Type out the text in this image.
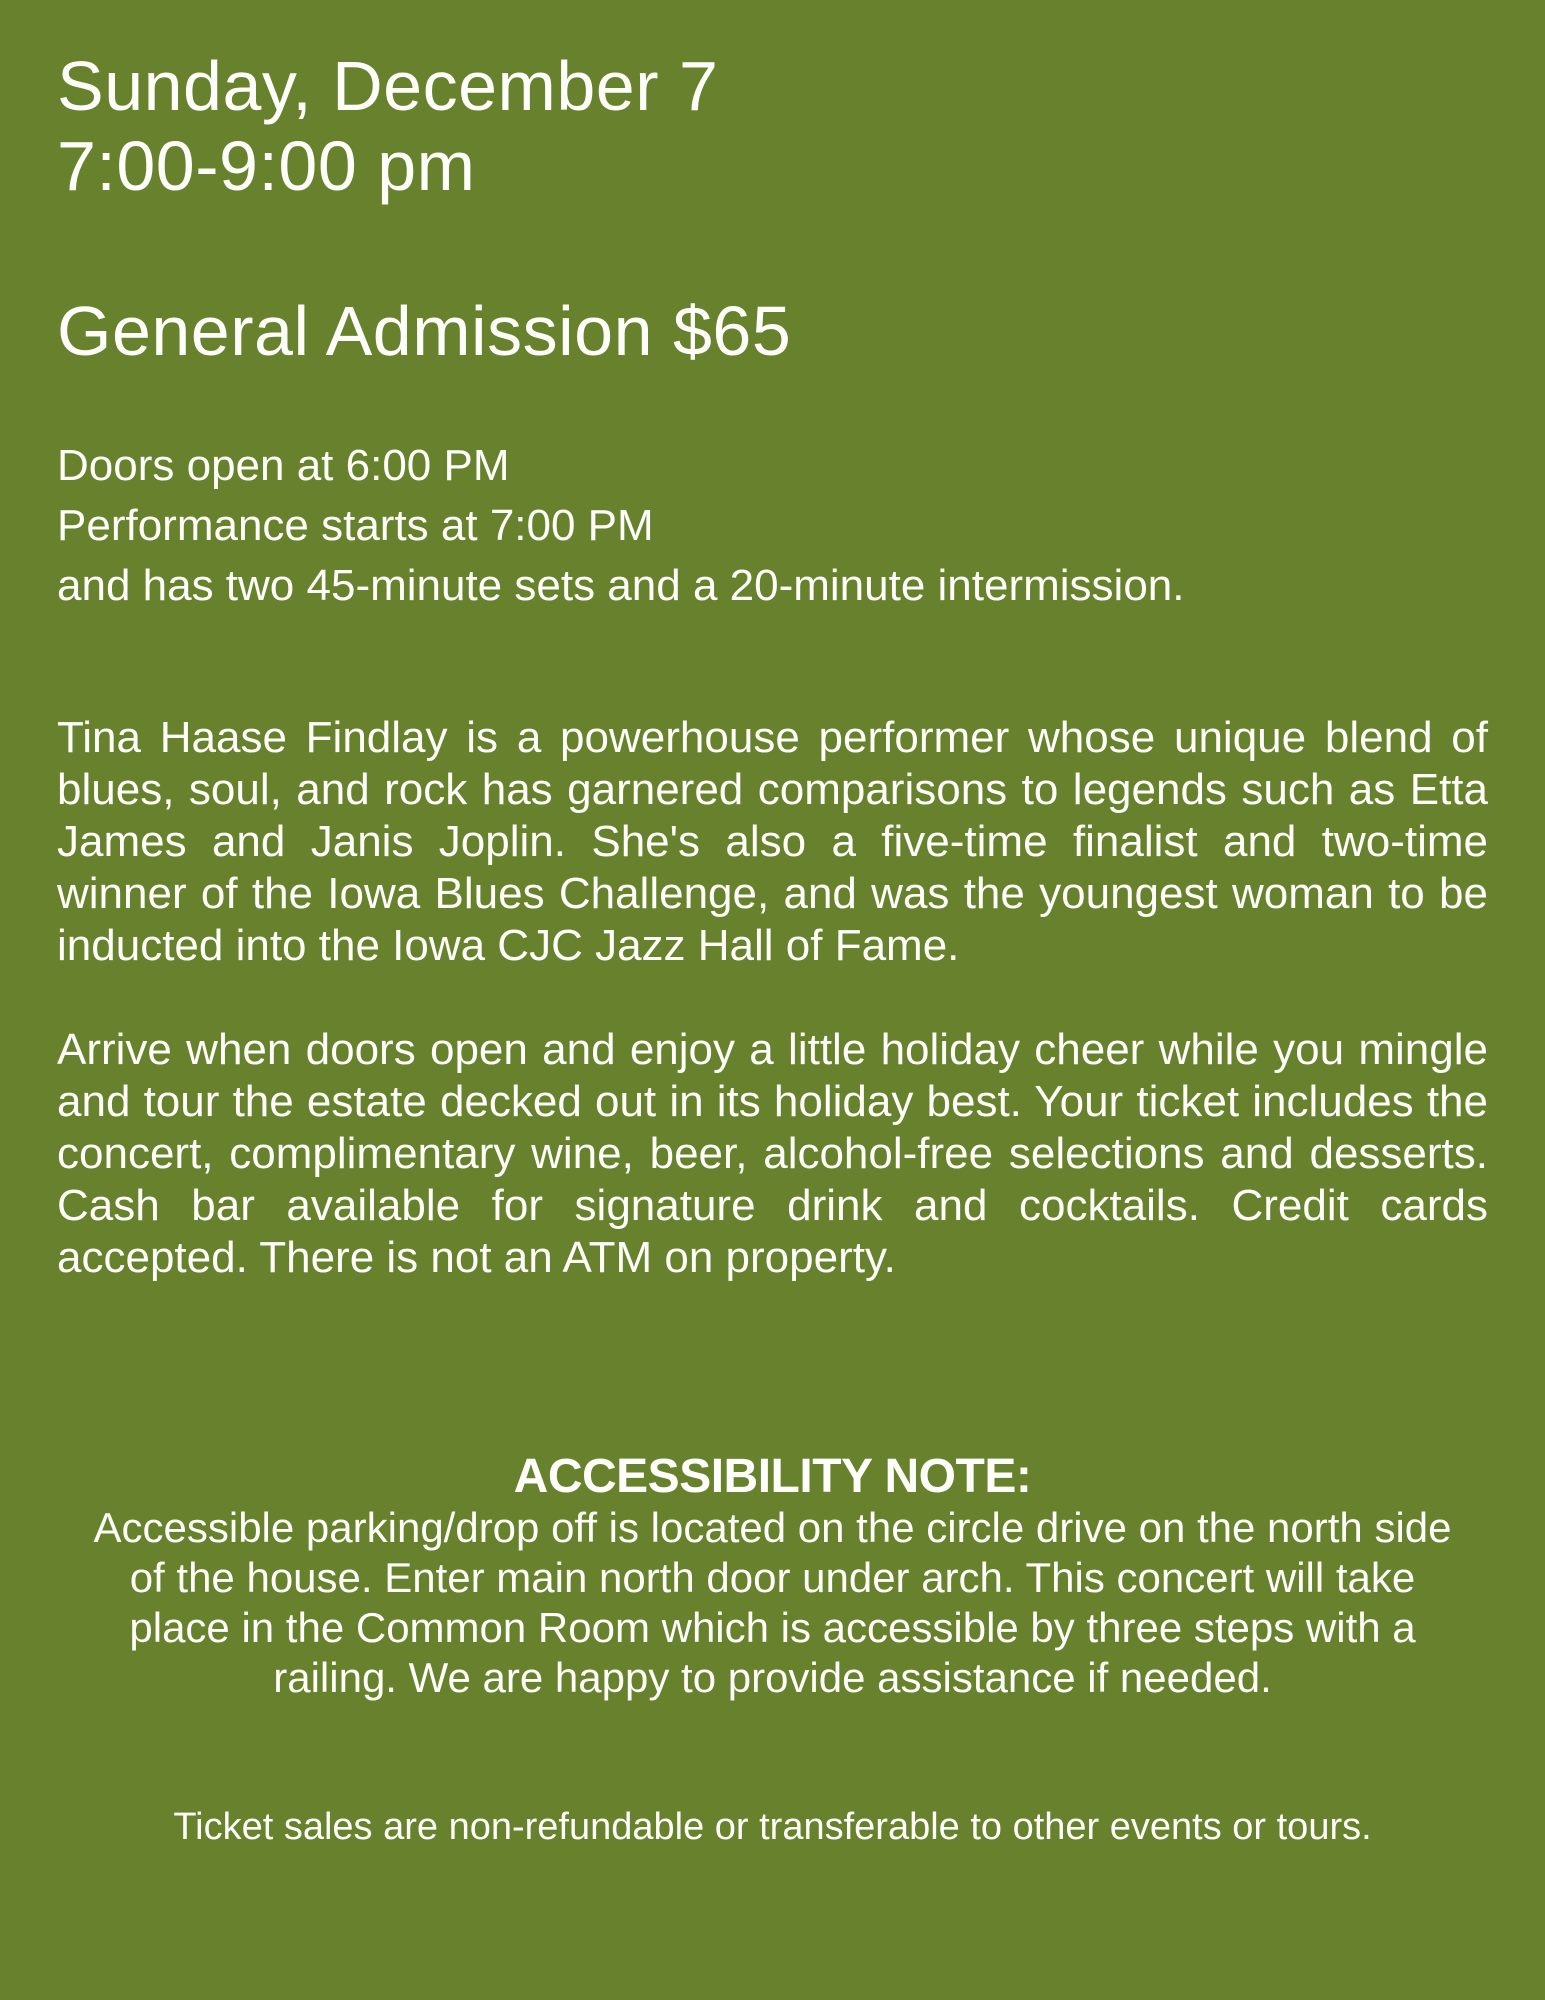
Sunday, December 7
7:00-9:00 pm
General Admission $65
Doors open at 6:00 PM
Performance starts at 7:00 PM
and has two 45-minute sets and a 20-minute intermission.

Tina Haase Findlay is a powerhouse performer whose unique blend of blues, soul, and rock has garnered comparisons to legends such as Etta James and Janis Joplin. She's also a five-time finalist and two-time winner of the Iowa Blues Challenge, and was the youngest woman to be inducted into the Iowa CJC Jazz Hall of Fame.

Arrive when doors open and enjoy a little holiday cheer while you mingle and tour the estate decked out in its holiday best. Your ticket includes the concert, complimentary wine, beer, alcohol-free selections and desserts. Cash bar available for signature drink and cocktails. Credit cards accepted. There is not an ATM on property.

ACCESSIBILITY NOTE:
Accessible parking/drop off is located on the circle drive on the north side of the house. Enter main north door under arch. This concert will take place in the Common Room which is accessible by three steps with a railing. We are happy to provide assistance if needed.
Ticket sales are non-refundable or transferable to other events or tours.
